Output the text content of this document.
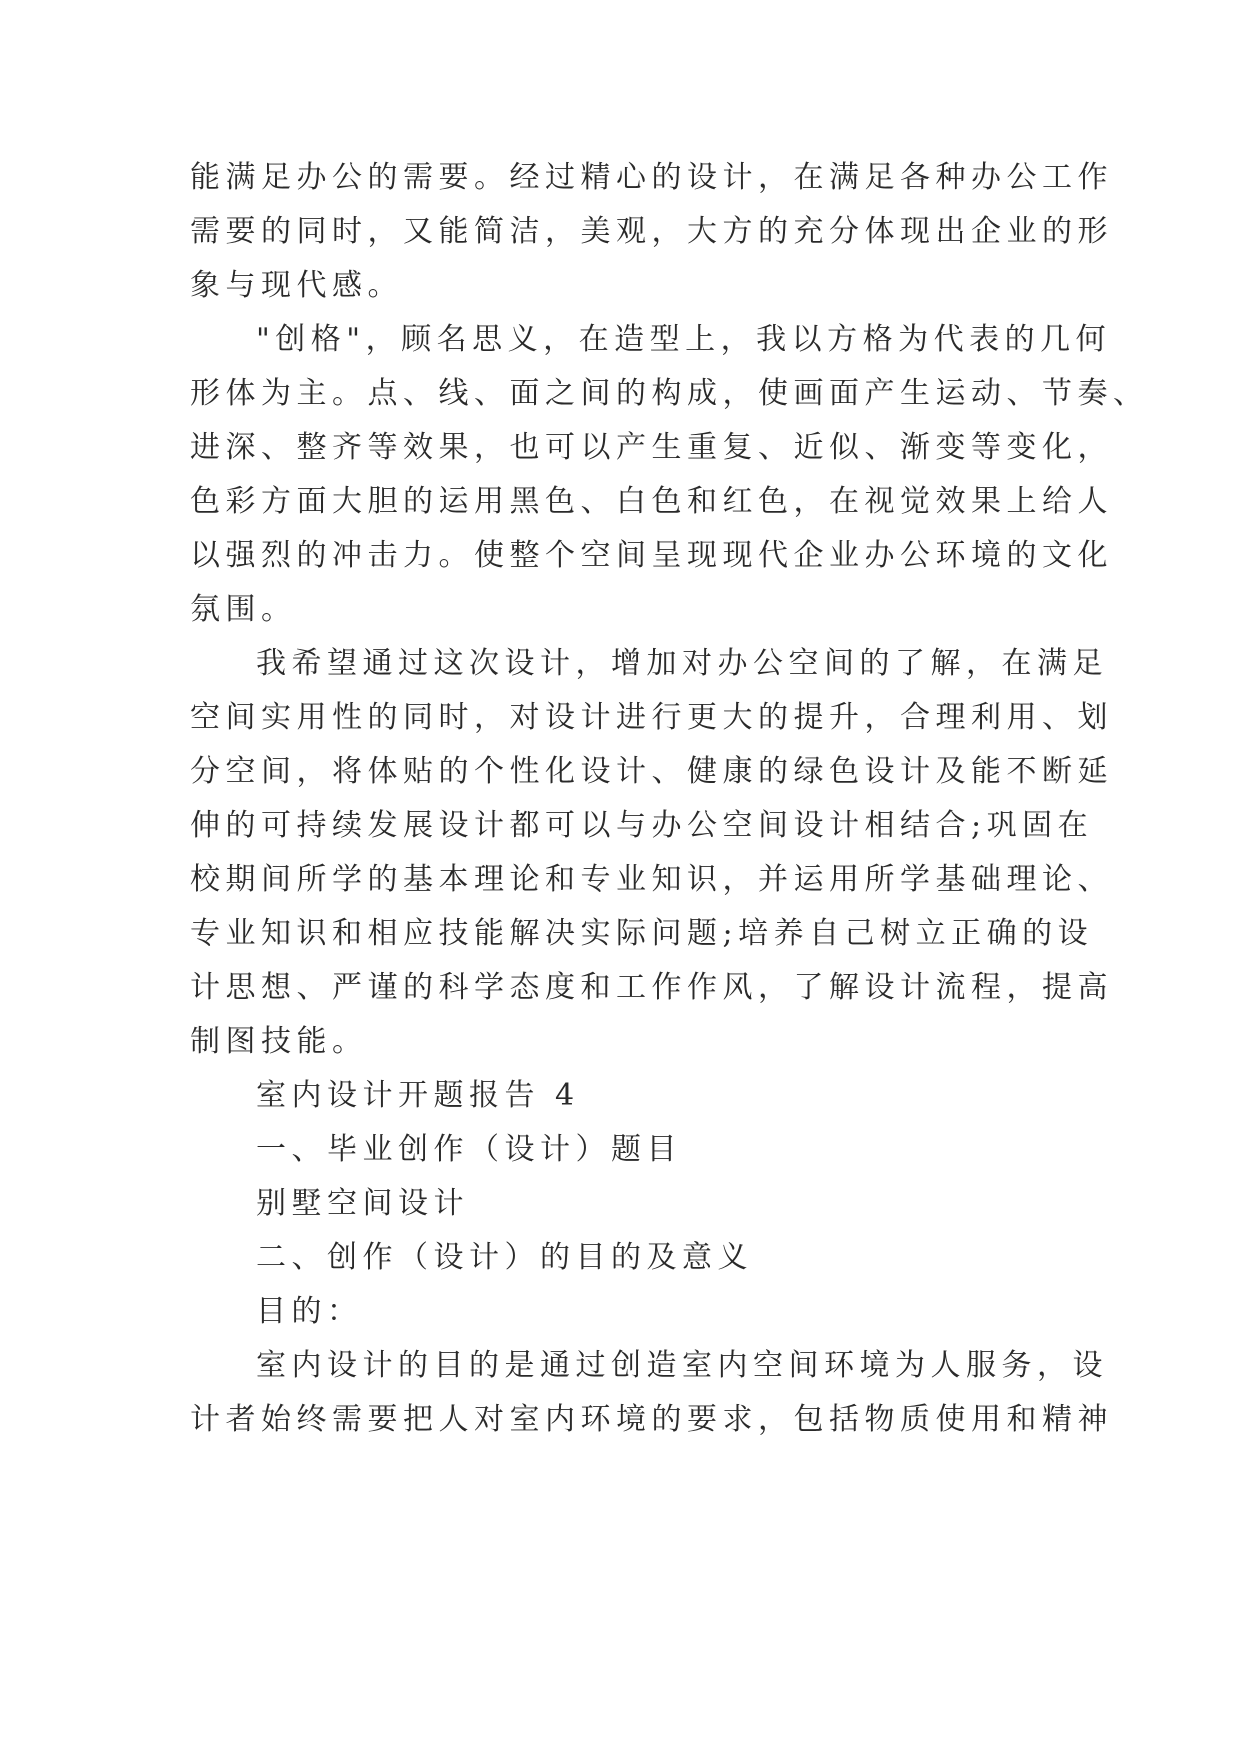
能满足办公的需要。经过精心的设计，在满足各种办公工作
需要的同时，又能简洁，美观，大方的充分体现出企业的形
象与现代感。
"创格"，顾名思义，在造型上，我以方格为代表的几何
形体为主。点、线、面之间的构成，使画面产生运动、节奏、
进深、整齐等效果，也可以产生重复、近似、渐变等变化，
色彩方面大胆的运用黑色、白色和红色，在视觉效果上给人
以强烈的冲击力。使整个空间呈现现代企业办公环境的文化
氛围。
我希望通过这次设计，增加对办公空间的了解，在满足
空间实用性的同时，对设计进行更大的提升，合理利用、划
分空间，将体贴的个性化设计、健康的绿色设计及能不断延
伸的可持续发展设计都可以与办公空间设计相结合;巩固在
校期间所学的基本理论和专业知识，并运用所学基础理论、
专业知识和相应技能解决实际问题;培养自己树立正确的设
计思想、严谨的科学态度和工作作风，了解设计流程，提高
制图技能。
室内设计开题报告 4
一、毕业创作（设计）题目
别墅空间设计
二、创作（设计）的目的及意义
目的：
室内设计的目的是通过创造室内空间环境为人服务，设
计者始终需要把人对室内环境的要求，包括物质使用和精神
